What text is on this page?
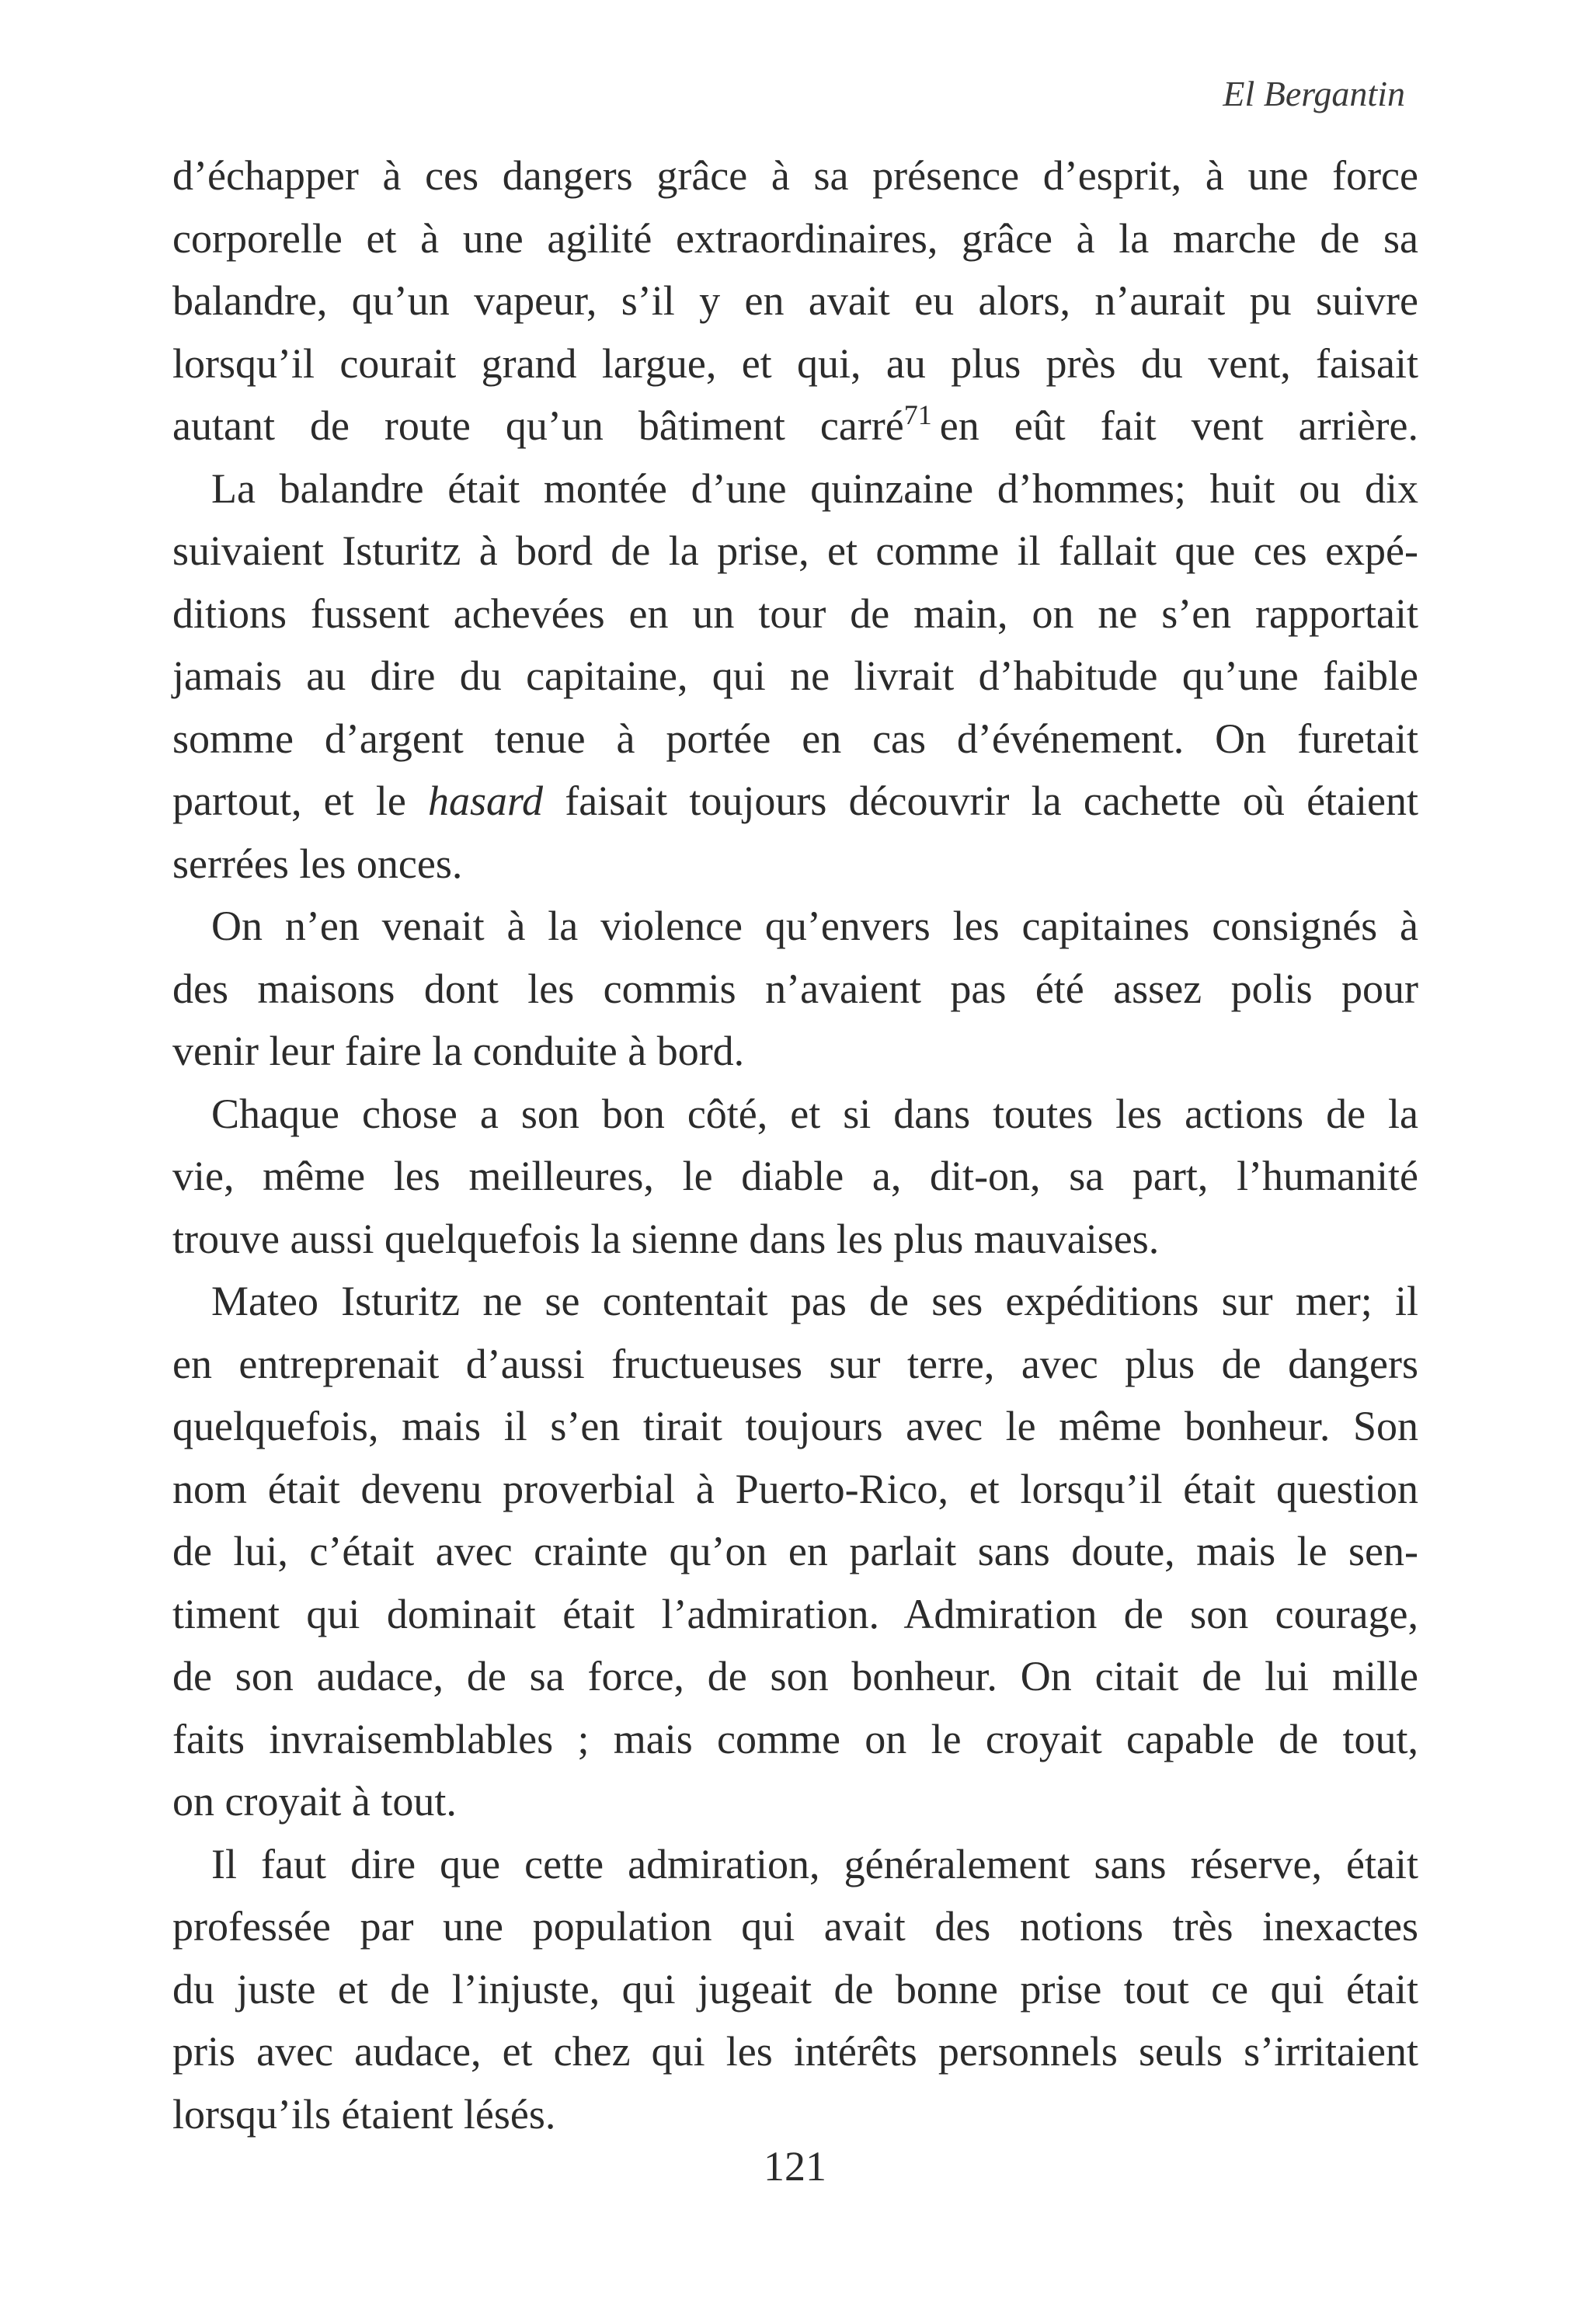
El Bergantin
d’échapper à ces dangers grâce à sa présence d’esprit, à une force
corporelle et à une agilité extraordinaires, grâce à la marche de sa
balandre, qu’un vapeur, s’il y en avait eu alors, n’aurait pu suivre
lorsqu’il courait grand largue, et qui, au plus près du vent, faisait
autant de route qu’un bâtiment carré$^{71}$ en eût fait vent arrière.
La balandre était montée d’une quinzaine d’hommes; huit ou dix
suivaient Isturitz à bord de la prise, et comme il fallait que ces expé-
ditions fussent achevées en un tour de main, on ne s’en rapportait
jamais au dire du capitaine, qui ne livrait d’habitude qu’une faible
somme d’argent tenue à portée en cas d’événement. On furetait
partout, et le hasard faisait toujours découvrir la cachette où étaient
serrées les onces.
On n’en venait à la violence qu’envers les capitaines consignés à
des maisons dont les commis n’avaient pas été assez polis pour
venir leur faire la conduite à bord.
Chaque chose a son bon côté, et si dans toutes les actions de la
vie, même les meilleures, le diable a, dit-on, sa part, l’humanité
trouve aussi quelquefois la sienne dans les plus mauvaises.
Mateo Isturitz ne se contentait pas de ses expéditions sur mer; il
en entreprenait d’aussi fructueuses sur terre, avec plus de dangers
quelquefois, mais il s’en tirait toujours avec le même bonheur. Son
nom était devenu proverbial à Puerto-Rico, et lorsqu’il était question
de lui, c’était avec crainte qu’on en parlait sans doute, mais le sen-
timent qui dominait était l’admiration. Admiration de son courage,
de son audace, de sa force, de son bonheur. On citait de lui mille
faits invraisemblables ; mais comme on le croyait capable de tout,
on croyait à tout.
Il faut dire que cette admiration, généralement sans réserve, était
professée par une population qui avait des notions très inexactes
du juste et de l’injuste, qui jugeait de bonne prise tout ce qui était
pris avec audace, et chez qui les intérêts personnels seuls s’irritaient
lorsqu’ils étaient lésés.
121
